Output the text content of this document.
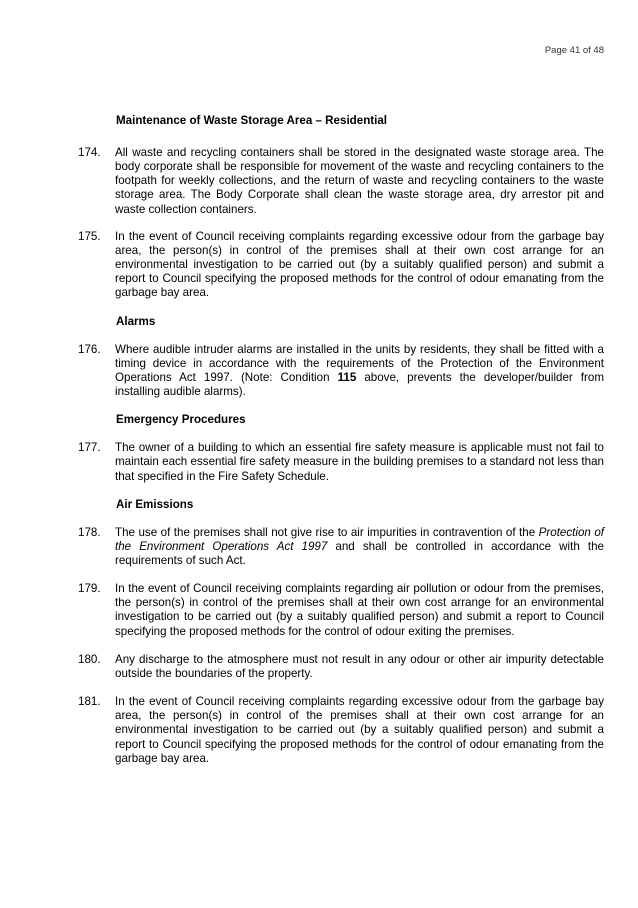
Page 41 of 48
Maintenance of Waste Storage Area – Residential
174. All waste and recycling containers shall be stored in the designated waste storage area. The body corporate shall be responsible for movement of the waste and recycling containers to the footpath for weekly collections, and the return of waste and recycling containers to the waste storage area. The Body Corporate shall clean the waste storage area, dry arrestor pit and waste collection containers.
175. In the event of Council receiving complaints regarding excessive odour from the garbage bay area, the person(s) in control of the premises shall at their own cost arrange for an environmental investigation to be carried out (by a suitably qualified person) and submit a report to Council specifying the proposed methods for the control of odour emanating from the garbage bay area.
Alarms
176. Where audible intruder alarms are installed in the units by residents, they shall be fitted with a timing device in accordance with the requirements of the Protection of the Environment Operations Act 1997. (Note: Condition 115 above, prevents the developer/builder from installing audible alarms).
Emergency Procedures
177. The owner of a building to which an essential fire safety measure is applicable must not fail to maintain each essential fire safety measure in the building premises to a standard not less than that specified in the Fire Safety Schedule.
Air Emissions
178. The use of the premises shall not give rise to air impurities in contravention of the Protection of the Environment Operations Act 1997 and shall be controlled in accordance with the requirements of such Act.
179. In the event of Council receiving complaints regarding air pollution or odour from the premises, the person(s) in control of the premises shall at their own cost arrange for an environmental investigation to be carried out (by a suitably qualified person) and submit a report to Council specifying the proposed methods for the control of odour exiting the premises.
180. Any discharge to the atmosphere must not result in any odour or other air impurity detectable outside the boundaries of the property.
181. In the event of Council receiving complaints regarding excessive odour from the garbage bay area, the person(s) in control of the premises shall at their own cost arrange for an environmental investigation to be carried out (by a suitably qualified person) and submit a report to Council specifying the proposed methods for the control of odour emanating from the garbage bay area.
